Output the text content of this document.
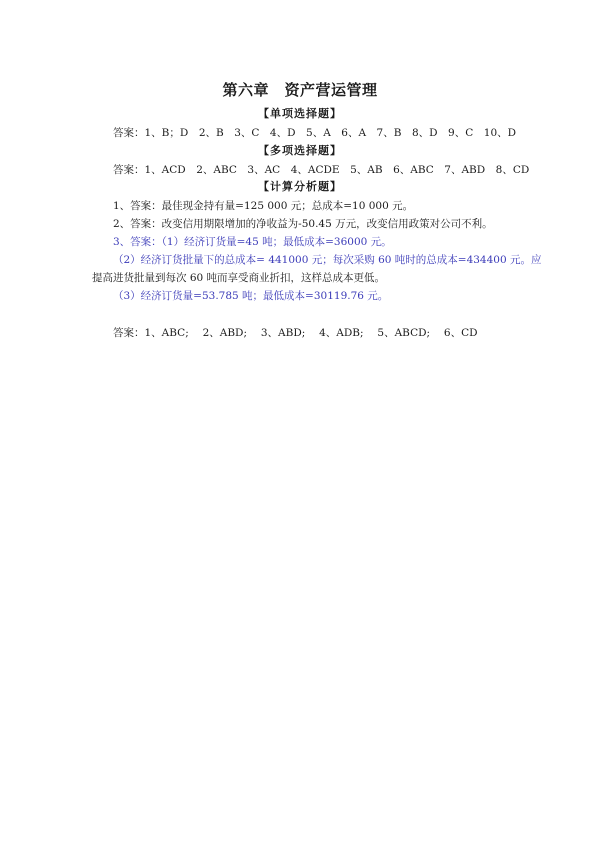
第六章　资产营运管理
【单项选择题】
答案：1、B；D　2、B　3、C　4、D　5、A　6、A　7、B　8、D　9、C　10、D
【多项选择题】
答案：1、ACD　2、ABC　3、AC　4、ACDE　5、AB　6、ABC　7、ABD　8、CD
【计算分析题】
1、答案：最佳现金持有量=125 000 元；总成本=10 000 元。
2、答案：改变信用期限增加的净收益为-50.45 万元，改变信用政策对公司不利。
3、答案：（1）经济订货量=45 吨；最低成本=36000 元。
（2）经济订货批量下的总成本= 441000 元；每次采购 60 吨时的总成本=434400 元。应
提高进货批量到每次 60 吨而享受商业折扣，这样总成本更低。
（3）经济订货量=53.785 吨；最低成本=30119.76 元。
答案：1、ABC;　 2、ABD;　 3、ABD;　 4、ADB;　 5、ABCD;　 6、CD
